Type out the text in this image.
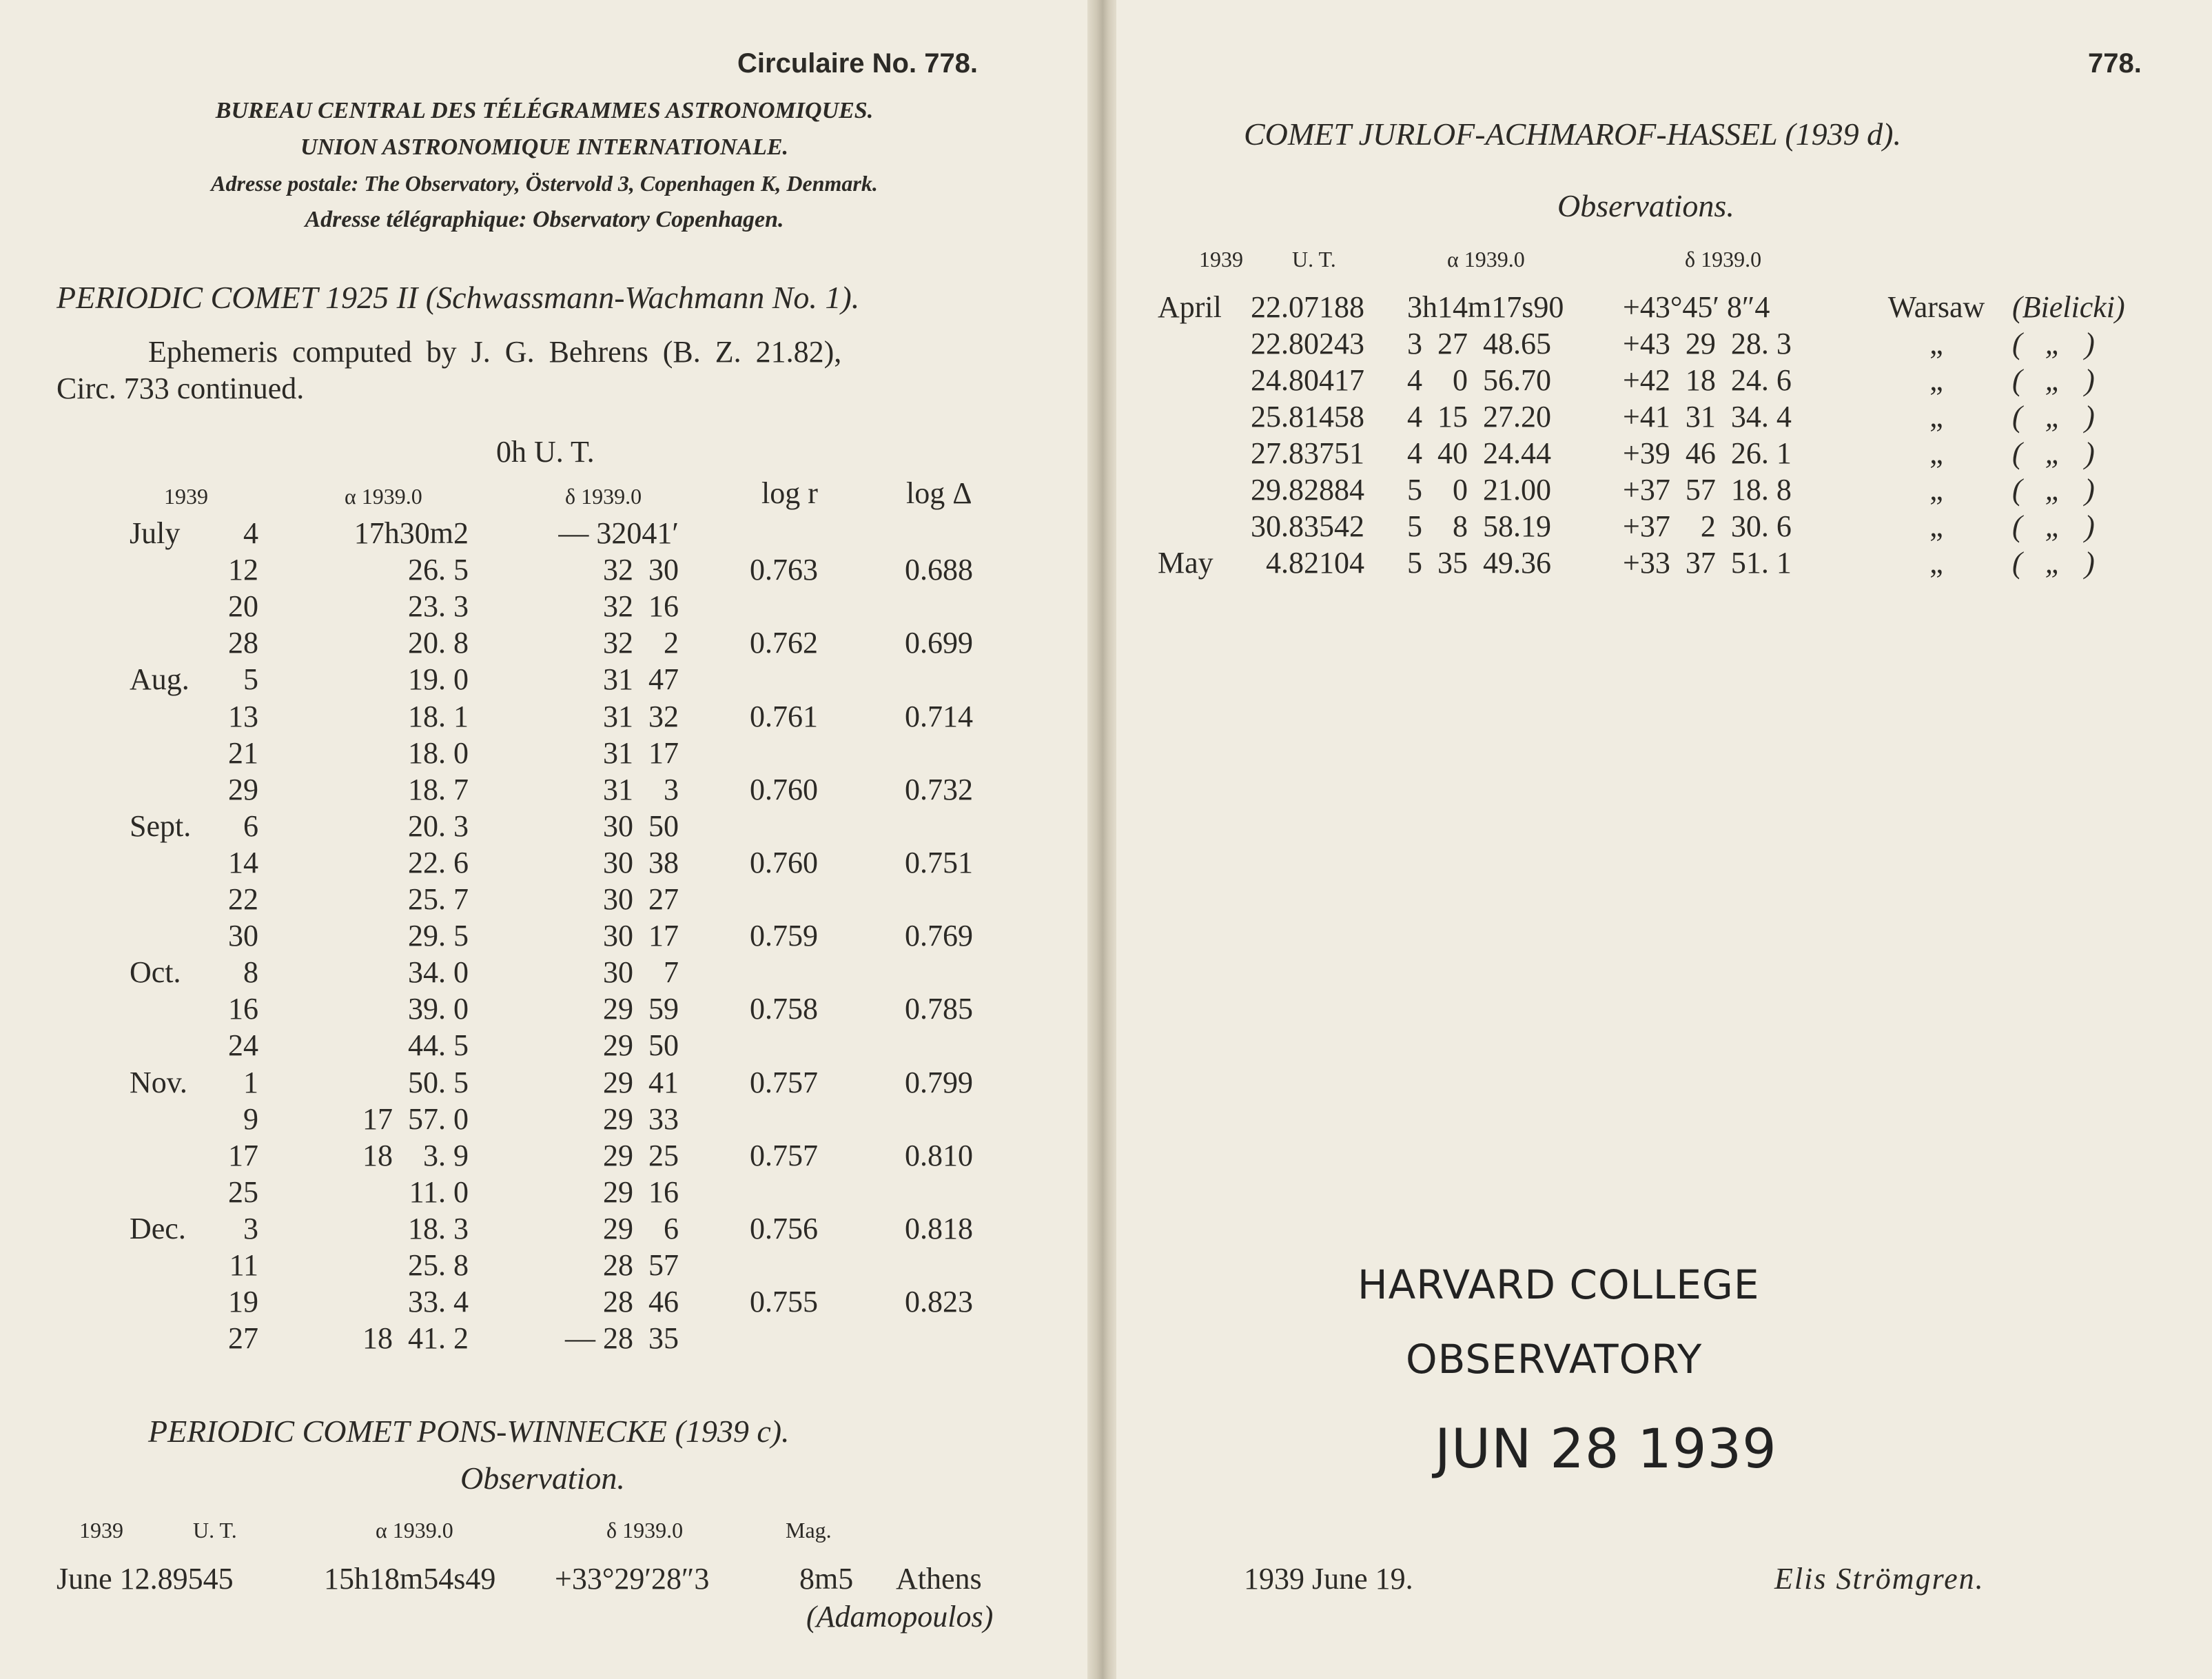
Circulaire No. 778.
BUREAU CENTRAL DES TÉLÉGRAMMES ASTRONOMIQUES.
UNION ASTRONOMIQUE INTERNATIONALE.
Adresse postale: The Observatory, Östervold 3, Copenhagen K, Denmark.
Adresse télégraphique: Observatory Copenhagen.
PERIODIC COMET 1925 II (Schwassmann-Wachmann No. 1).
Ephemeris computed by J. G. Behrens (B. Z. 21.82),
Circ. 733 continued.
0h U. T.
1939	α 1939.0	δ 1939.0	log r	log Δ
July	4	17h30m2	— 32041′
12	26. 5	32  30 0.763	0.688
20	23. 3	32  16
28	20. 8	32    2 0.762	0.699
Aug.	5	19. 0	31  47
13	18. 1	31  32 0.761	0.714
21	18. 0	31  17
29	18. 7	31    3 0.760	0.732
Sept.	6	20. 3	30  50
14	22. 6	30  38 0.760	0.751
22	25. 7	30  27
30	29. 5	30  17 0.759	0.769
Oct.	8	34. 0	30    7
16	39. 0	29  59 0.758	0.785
24	44. 5	29  50
Nov.	1	50. 5	29  41 0.757	0.799
9	17  57. 0	29  33
17	18    3. 9	29  25 0.757	0.810
25	11. 0	29  16
Dec.	3	18. 3	29    6 0.756	0.818
11	25. 8	28  57
19	33. 4	28  46 0.755	0.823
27	18  41. 2	— 28  35
PERIODIC COMET PONS-WINNECKE (1939 c).
Observation.
1939	U. T.	α 1939.0	δ 1939.0	Mag.
June 12.89545	15h18m54s49 +33°29′28″3	8m5 Athens
(Adamopoulos)
778.
COMET JURLOF-ACHMAROF-HASSEL (1939 d).
Observations.
1939 U. T.	α 1939.0	δ 1939.0
April 22.07188 3h14m17s90	+43°45′ 8″4	Warsaw (Bielicki)
22.80243 3  27  48.65	+43  29  28. 3	„	(   „   )
24.80417 4    0  56.70	+42  18  24. 6	„	(   „   )
25.81458 4  15  27.20	+41  31  34. 4	„	(   „   )
27.83751 4  40  24.44	+39  46  26. 1	„	(   „   )
29.82884 5    0  21.00	+37  57  18. 8	„	(   „   )
30.83542 5    8  58.19	+37    2  30. 6	„	(   „   )
May	4.82104 5  35  49.36	+33  37  51. 1	„	(   „   )
HARVARD COLLEGE
OBSERVATORY
JUN 28 1939
1939 June 19.	Elis Strömgren.
